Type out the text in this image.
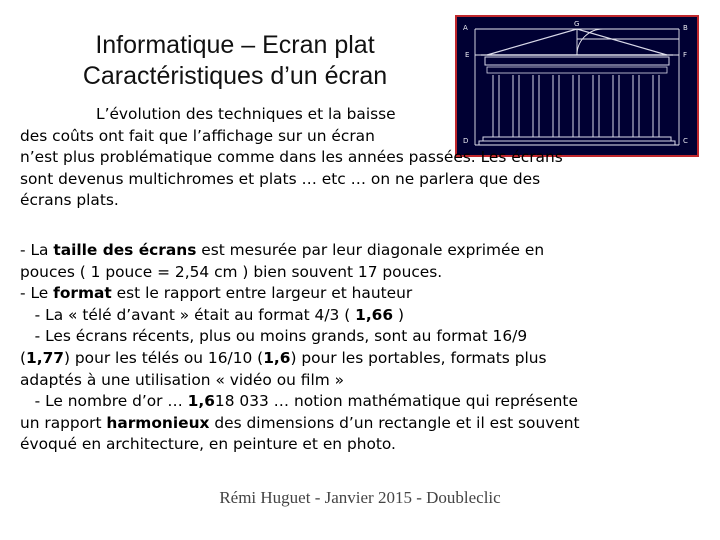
Informatique – Ecran plat
Caractéristiques d’un écran
A	G	B
F
E
D	C
L’évolution des techniques et la baisse
des coûts ont fait que l’affichage sur un écran
n’est plus problématique comme dans les années passées. Les écrans
sont devenus multichromes et plats … etc … on ne parlera que des
écrans plats.
- La taille des écrans est mesurée par leur diagonale exprimée en
pouces ( 1 pouce = 2,54 cm ) bien souvent 17 pouces.
- Le format est le rapport entre largeur et hauteur
- La « télé d’avant » était au format 4/3 ( 1,66 )
- Les écrans récents, plus ou moins grands, sont au format 16/9
(1,77) pour les télés ou 16/10 (1,6) pour les portables, formats plus
adaptés à une utilisation « vidéo ou film »
- Le nombre d’or … 1,618 033 … notion mathématique qui représente
un rapport harmonieux des dimensions d’un rectangle et il est souvent
évoqué en architecture, en peinture et en photo.
Rémi Huguet - Janvier 2015 - Doubleclic
